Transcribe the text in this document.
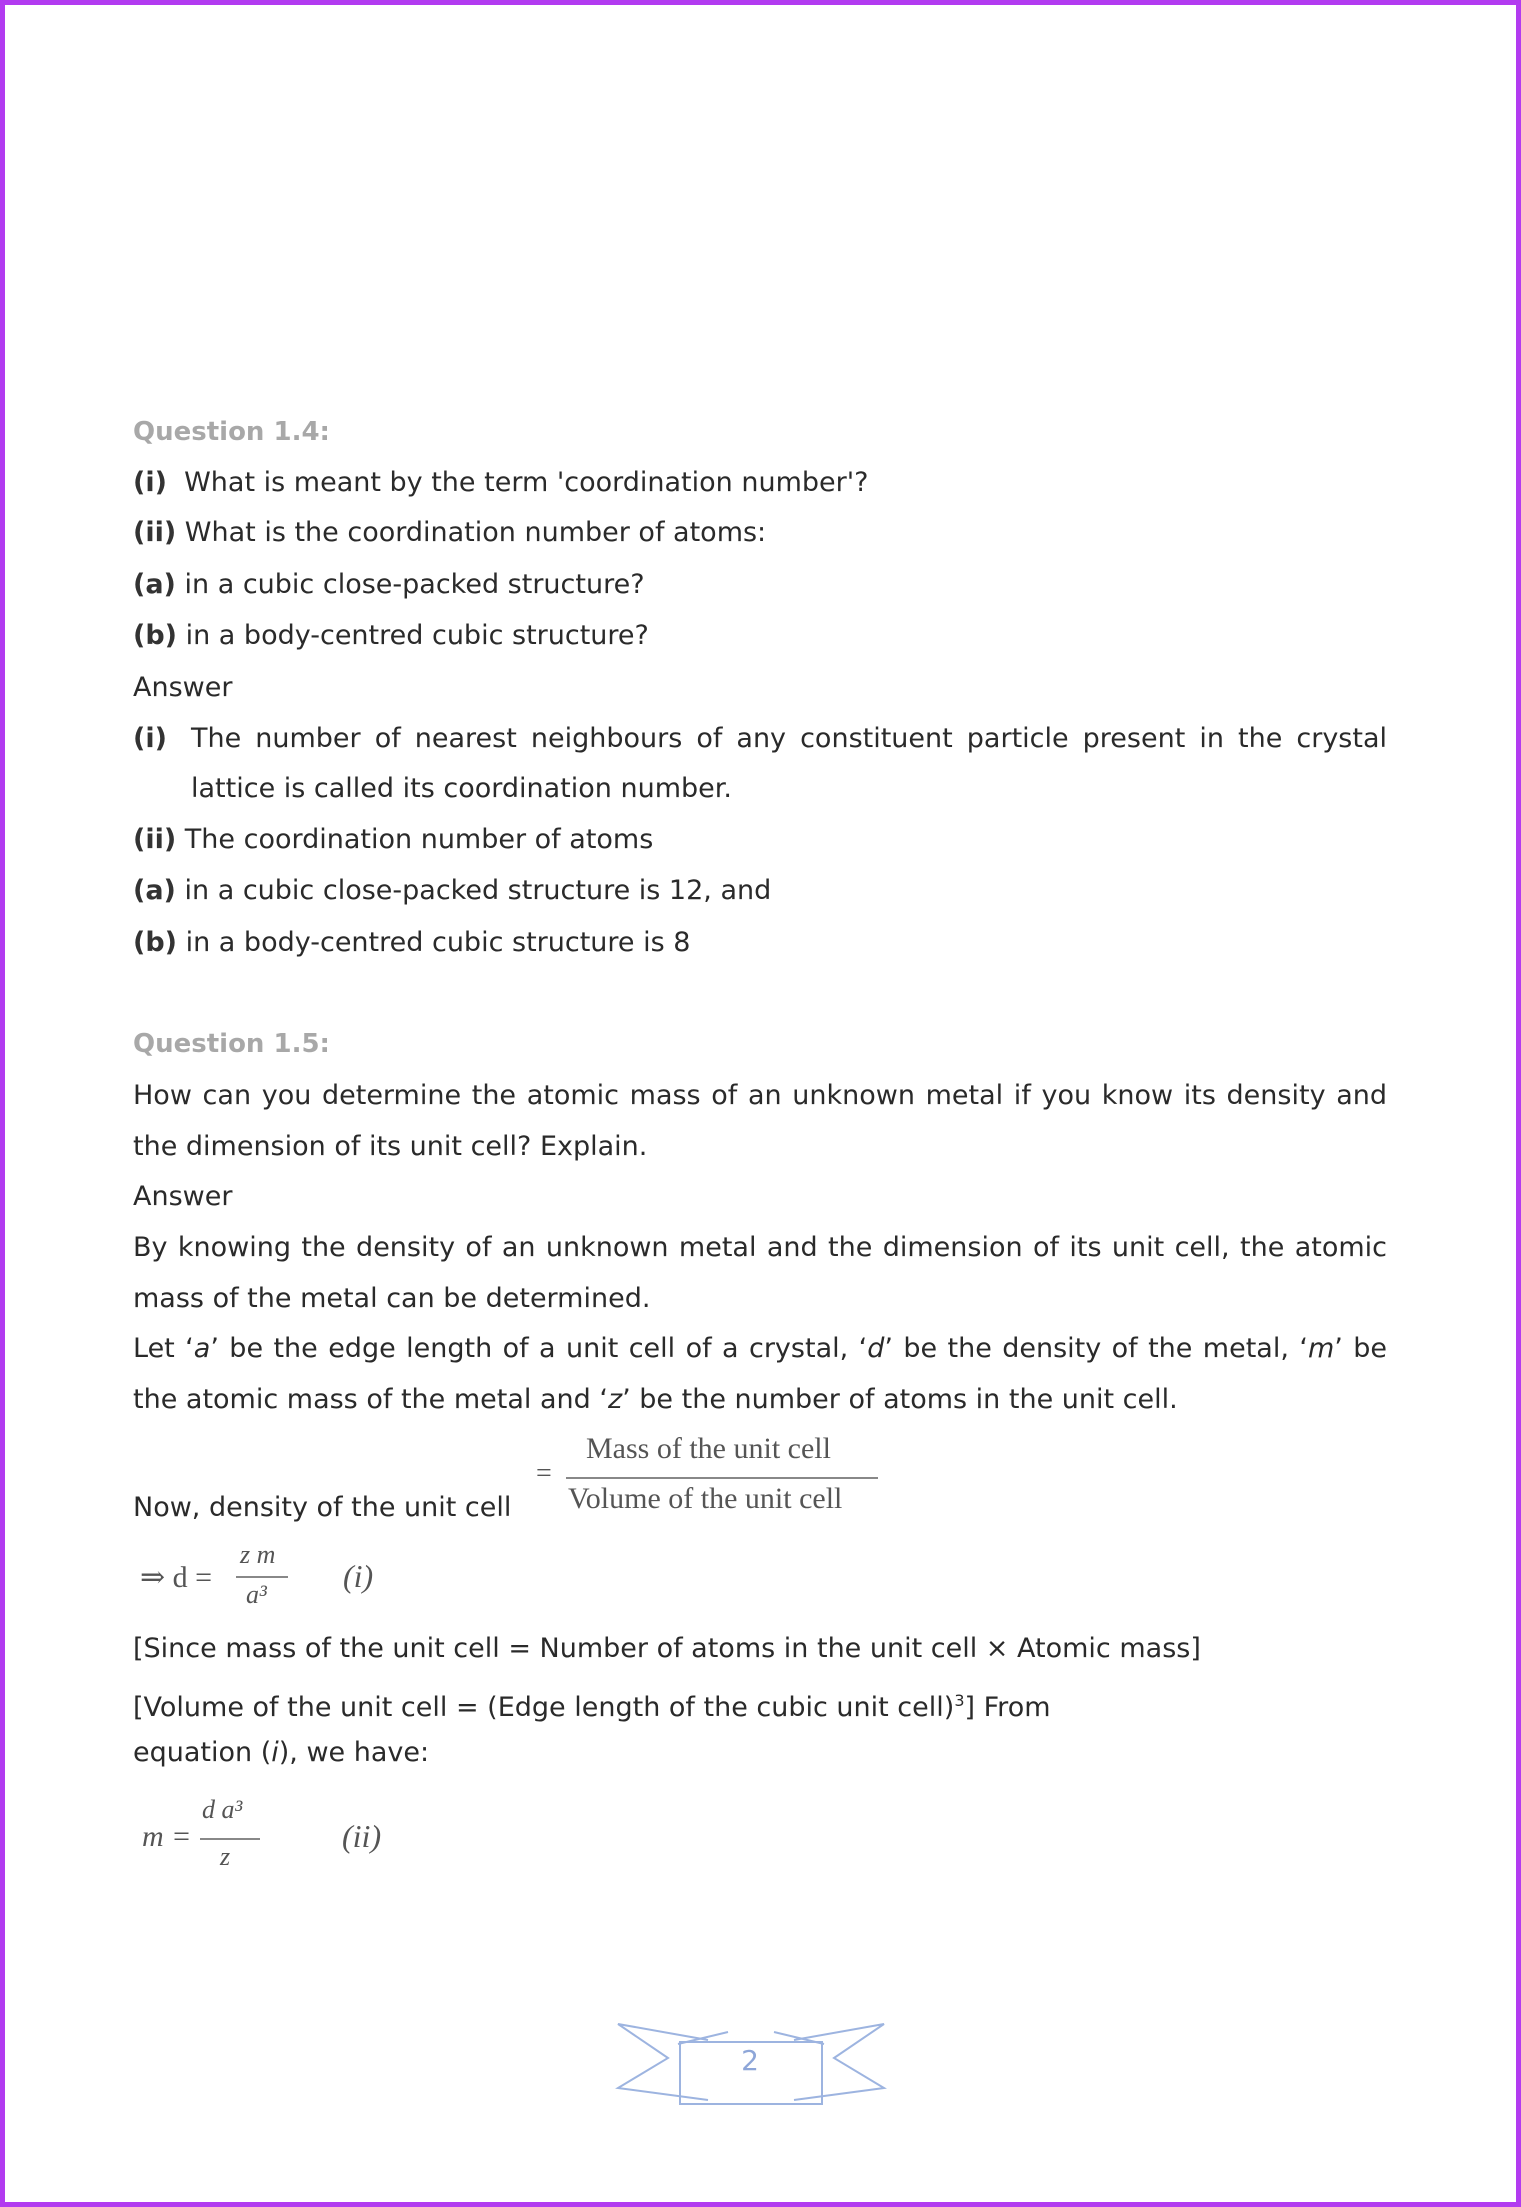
Question 1.4:
(i) What is meant by the term 'coordination number'?
(ii) What is the coordination number of atoms:
(a) in a cubic close-packed structure?
(b) in a body-centred cubic structure?
Answer
(i) The number of nearest neighbours of any constituent particle present in the crystal
lattice is called its coordination number.
(ii) The coordination number of atoms
(a) in a cubic close-packed structure is 12, and
(b) in a body-centred cubic structure is 8
Question 1.5:
How can you determine the atomic mass of an unknown metal if you know its density and
the dimension of its unit cell? Explain.
Answer
By knowing the density of an unknown metal and the dimension of its unit cell, the atomic
mass of the metal can be determined.
Let ‘a’ be the edge length of a unit cell of a crystal, ‘d’ be the density of the metal, ‘m’ be
the atomic mass of the metal and ‘z’ be the number of atoms in the unit cell.
Now, density of the unit cell
=
Mass of the unit cell
Volume of the unit cell
⇒ d =
z m
a³
(i)
[Since mass of the unit cell = Number of atoms in the unit cell × Atomic mass]
[Volume of the unit cell = (Edge length of the cubic unit cell)$^3$] From
equation (i), we have:
m =
d a³
z
(ii)
2
